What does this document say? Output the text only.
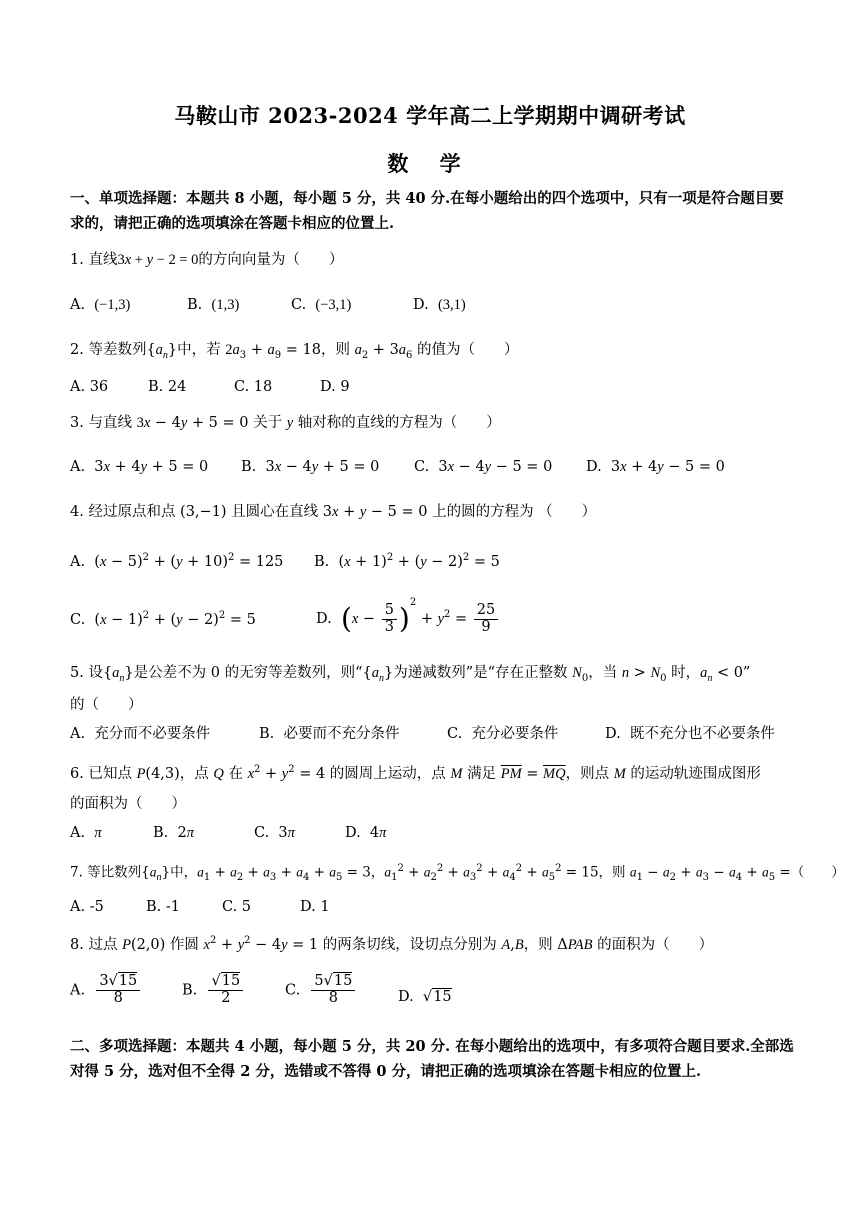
马鞍山市 2023-2024 学年高二上学期期中调研考试
数 学
一、单项选择题：本题共 8 小题，每小题 5 分，共 40 分.在每小题给出的四个选项中，只有一项是符合题目要求的，请把正确的选项填涂在答题卡相应的位置上.
1. 直线3x + y − 2 = 0的方向向量为（　　）
A.  (−1,3)	B.  (1,3)	C.  (−3,1)	D.  (3,1)
2. 等差数列$\{a_n\}$中，若 $2a_3 + a_9 = 18$，则 $a_2 + 3a_6$ 的值为（　　）
A. 36	B. 24	C. 18	D. 9
3. 与直线 3x − 4y + 5 = 0 关于 y 轴对称的直线的方程为（　　）
A.  3x + 4y + 5 = 0 B.  3x − 4y + 5 = 0 C.  3x − 4y − 5 = 0 D.  3x + 4y − 5 = 0
4. 经过原点和点 (3,−1) 且圆心在直线 3x + y − 5 = 0 上的圆的方程为 （　　）
A.  $(x - 5)^2 + (y + 10)^2 = 125$ B.  $(x + 1)^2 + (y - 2)^2 = 5$
C.  $(x - 1)^2 + (y - 2)^2 = 5$	D.  $(x - \frac{5}{3} )^2 + y^2 = \frac{25}{9}$
5. 设$\{a_n\}$是公差不为 0 的无穷等差数列，则“$\{a_n\}$为递减数列”是“存在正整数 $N_0$，当 $n > N_0$ 时，$a_n < 0$”
的（　　）
A.  充分而不必要条件	B.  必要而不充分条件	C.  充分必要条件	D.  既不充分也不必要条件
6. 已知点 P(4,3)，点 Q 在 $x^2 + y^2 = 4$ 的圆周上运动，点 M 满足 $\overline{PM} = \overline{MQ}$，则点 M 的运动轨迹围成图形
的面积为（　　）
A.  π	B.  2π	C.  3π	D.  4π
7. 等比数列$\{a_n\}$中，$a_1 + a_2 + a_3 + a_4 + a_5 = 3$，$a_1^2 + a_2^2 + a_3^2 + a_4^2 + a_5^2 = 15$，则 $a_1 - a_2 + a_3 - a_4 + a_5$ =（　　）
A. -5	B. -1	C. 5	D. 1
8. 过点 P(2,0) 作圆 $x^2 + y^2 - 4y = 1$ 的两条切线，设切点分别为 A,B，则 ΔPAB 的面积为（　　）
A. $\frac{3√15}{8}$	B. $\frac{√15}{2}$	C. $\frac{5√15}{8}$	D.  √15
二、多项选择题：本题共 4 小题，每小题 5 分，共 20 分. 在每小题给出的选项中，有多项符合题目要求.全部选对得 5 分，选对但不全得 2 分，选错或不答得 0 分，请把正确的选项填涂在答题卡相应的位置上.
